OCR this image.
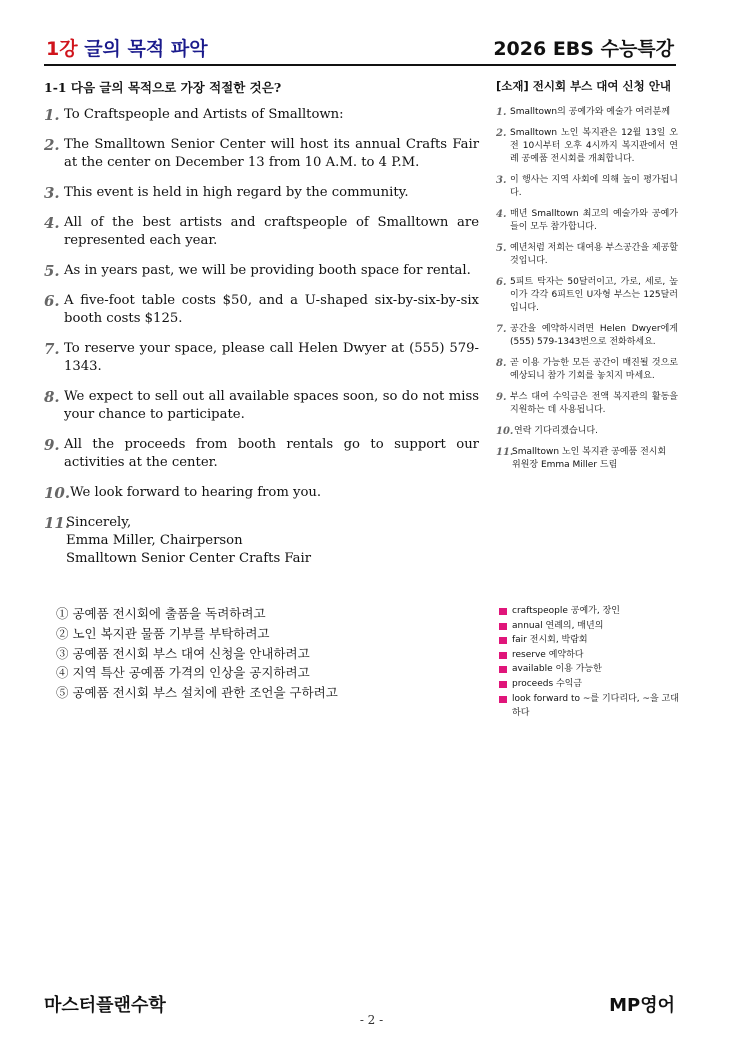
1강 글의 목적 파악	2026 EBS 수능특강
1-1 다음 글의 목적으로 가장 적절한 것은?
1. To Craftspeople and Artists of Smalltown:
2. The Smalltown Senior Center will host its annual Crafts Fair at the center on December 13 from 10 A.M. to 4 P.M.
3. This event is held in high regard by the community.
4. All of the best artists and craftspeople of Smalltown are represented each year.
5. As in years past, we will be providing booth space for rental.
6. A five-foot table costs $50, and a U-shaped six-by-six-by-six booth costs $125.
7. To reserve your space, please call Helen Dwyer at (555) 579-1343.
8. We expect to sell out all available spaces soon, so do not miss your chance to participate.
9. All the proceeds from booth rentals go to support our activities at the center.
10. We look forward to hearing from you.
11.
Sincerely,
Emma Miller, Chairperson
Smalltown Senior Center Crafts Fair
[소재] 전시회 부스 대여 신청 안내
1. Smalltown의 공예가와 예술가 여러분께
2. Smalltown 노인 복지관은 12월 13일 오전 10시부터 오후 4시까지 복지관에서 연례 공예품 전시회를 개최합니다.
3. 이 행사는 지역 사회에 의해 높이 평가됩니다.
4. 매년 Smalltown 최고의 예술가와 공예가들이 모두 참가합니다.
5. 예년처럼 저희는 대여용 부스공간을 제공할 것입니다.
6. 5피트 탁자는 50달러이고, 가로, 세로, 높이가 각각 6피트인 U자형 부스는 125달러입니다.
7. 공간을 예약하시려면 Helen Dwyer에게 (555) 579-1343번으로 전화하세요.
8. 곧 이용 가능한 모든 공간이 매진될 것으로 예상되니 참가 기회를 놓치지 마세요.
9. 부스 대여 수익금은 전액 복지관의 활동을 지원하는 데 사용됩니다.
10. 연락 기다리겠습니다.
11.
Smalltown 노인 복지관 공예품 전시회
위원장 Emma Miller 드림
① 공예품 전시회에 출품을 독려하려고
② 노인 복지관 물품 기부를 부탁하려고
③ 공예품 전시회 부스 대여 신청을 안내하려고
④ 지역 특산 공예품 가격의 인상을 공지하려고
⑤ 공예품 전시회 부스 설치에 관한 조언을 구하려고
craftspeople 공예가, 장인
annual 연례의, 매년의
fair 전시회, 박람회
reserve 예약하다
available 이용 가능한
proceeds 수익금
look forward to ~를 기다리다, ~을 고대하다
마스터플랜수학
- 2 -
MP영어
